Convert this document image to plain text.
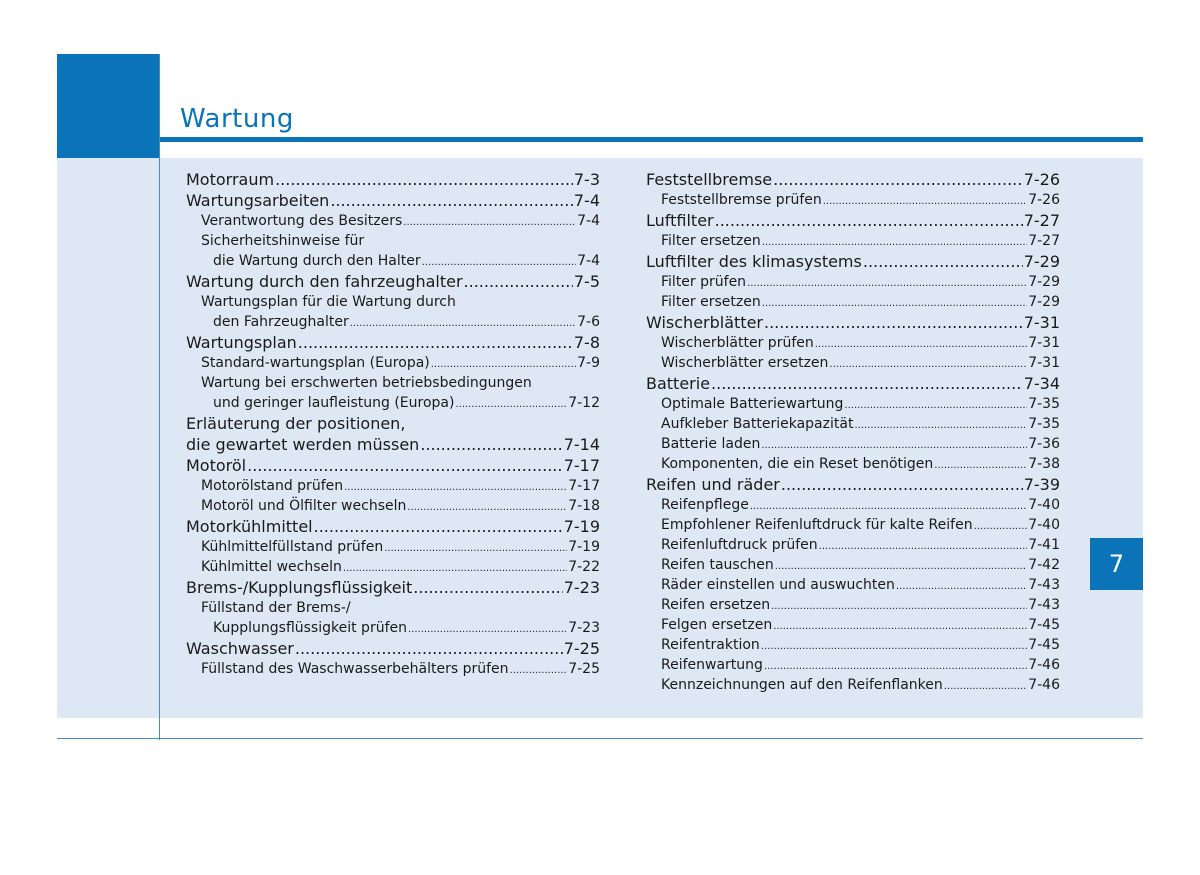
Wartung
Motorraum .....	7-3
Wartungsarbeiten .....	7-4
Verantwortung des Besitzers .....	7-4
Sicherheitshinweise für
die Wartung durch den Halter .....	7-4
Wartung durch den fahrzeughalter .....	7-5
Wartungsplan für die Wartung durch
den Fahrzeughalter .....	7-6
Wartungsplan .....	7-8
Standard-wartungsplan (Europa) .....	7-9
Wartung bei erschwerten betriebsbedingungen
und geringer laufleistung (Europa) .....	7-12
Erläuterung der positionen,
die gewartet werden müssen .....	7-14
Motoröl .....	7-17
Motorölstand prüfen .....	7-17
Motoröl und Ölfilter wechseln .....	7-18
Motorkühlmittel .....	7-19
Kühlmittelfüllstand prüfen .....	7-19
Kühlmittel wechseln .....	7-22
Brems-/Kupplungsflüssigkeit .....	7-23
Füllstand der Brems-/
Kupplungsflüssigkeit prüfen .....	7-23
Waschwasser .....	7-25
Füllstand des Waschwasserbehälters prüfen .....	7-25
Feststellbremse .....	7-26
Feststellbremse prüfen .....	7-26
Luftfilter .....	7-27
Filter ersetzen .....	7-27
Luftfilter des klimasystems .....	7-29
Filter prüfen .....	7-29
Filter ersetzen .....	7-29
Wischerblätter .....	7-31
Wischerblätter prüfen .....	7-31
Wischerblätter ersetzen .....	7-31
Batterie .....	7-34
Optimale Batteriewartung .....	7-35
Aufkleber Batteriekapazität .....	7-35
Batterie laden .....	7-36
Komponenten, die ein Reset benötigen .....	7-38
Reifen und räder .....	7-39
Reifenpflege .....	7-40
Empfohlener Reifenluftdruck für kalte Reifen .....	7-40
Reifenluftdruck prüfen .....	7-41
Reifen tauschen .....	7-42
Räder einstellen und auswuchten .....	7-43
Reifen ersetzen .....	7-43
Felgen ersetzen .....	7-45
Reifentraktion .....	7-45
Reifenwartung .....	7-46
Kennzeichnungen auf den Reifenflanken .....	7-46
7
